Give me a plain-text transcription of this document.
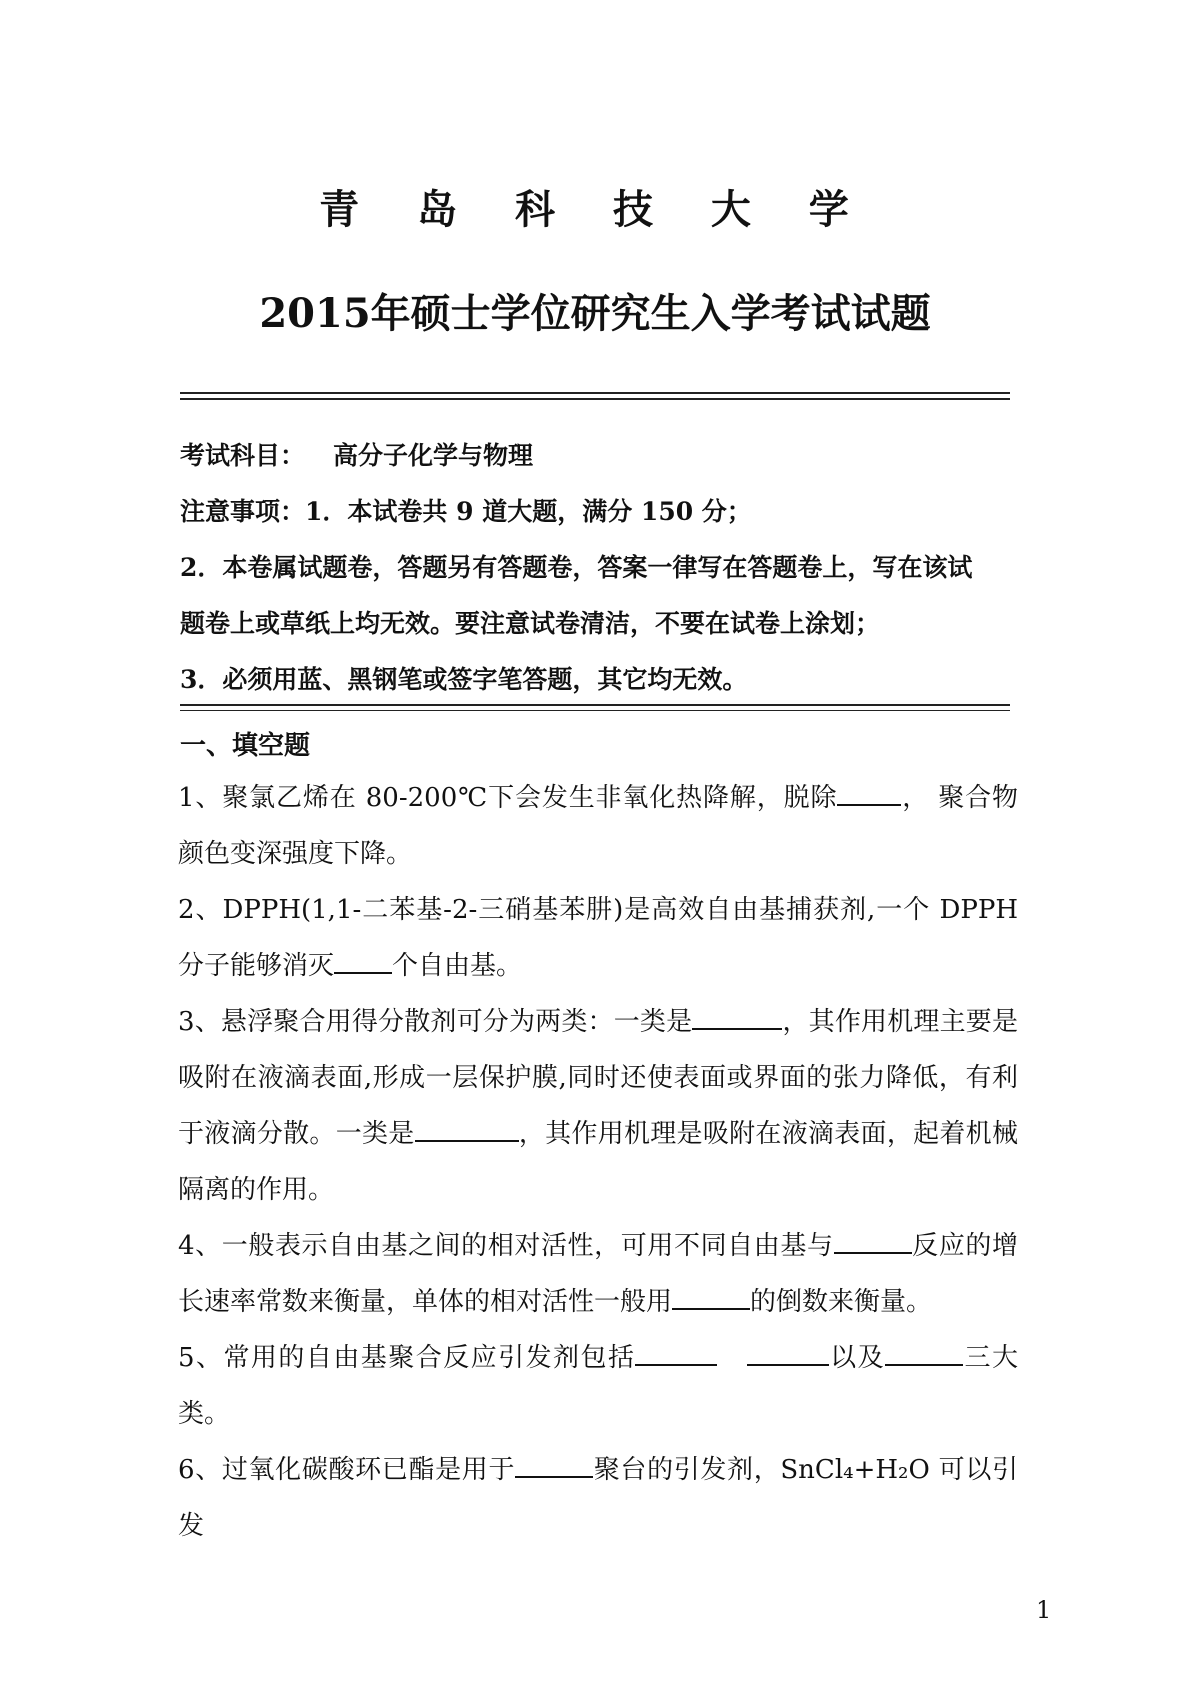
青 岛 科 技 大 学
2015年硕士学位研究生入学考试试题
考试科目： 高分子化学与物理
注意事项：1．本试卷共 9 道大题，满分 150 分；
2．本卷属试题卷，答题另有答题卷，答案一律写在答题卷上，写在该试
题卷上或草纸上均无效。要注意试卷清洁，不要在试卷上涂划；
3．必须用蓝、黑钢笔或签字笔答题，其它均无效。
一、填空题

1、聚氯乙烯在 80-200℃下会发生非氧化热降解，脱除 ， 聚合物颜色变深强度下降。

2、DPPH(1,1-二苯基-2-三硝基苯肼)是高效自由基捕获剂,一个 DPPH 分子能够消灭 个自由基。

3、悬浮聚合用得分散剂可分为两类：一类是	，其作用机理主要是吸附在液滴表面,形成一层保护膜,同时还使表面或界面的张力降低，有利于液滴分散。一类是	，其作用机理是吸附在液滴表面，起着机械隔离的作用。

4、一般表示自由基之间的相对活性，可用不同自由基与	反应的增长速率常数来衡量，单体的相对活性一般用	的倒数来衡量。

5、常用的自由基聚合反应引发剂包括	以及	三大类。

6、过氧化碳酸环已酯是用于	聚台的引发剂，SnCl₄+H₂O 可以引发

1
